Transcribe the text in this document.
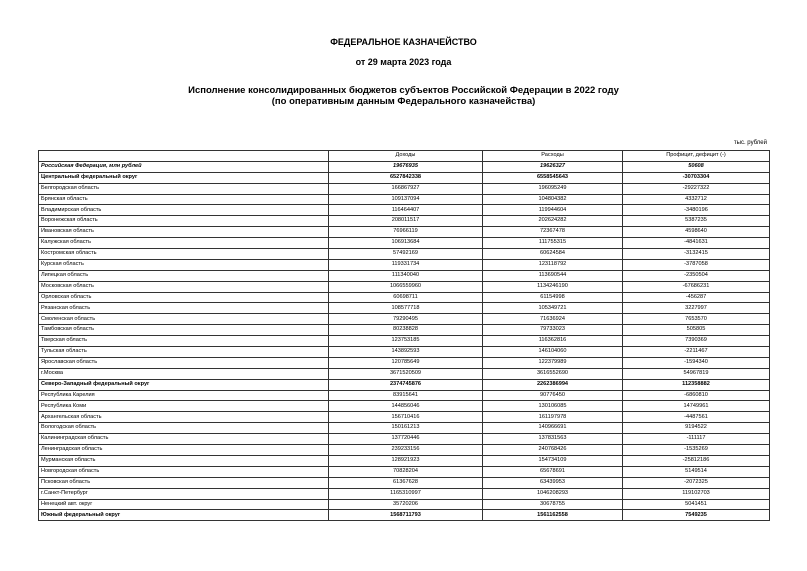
ФЕДЕРАЛЬНОЕ КАЗНАЧЕЙСТВО
от 29 марта 2023 года
Исполнение консолидированных бюджетов субъектов Российской Федерации в 2022 году
(по оперативным данным Федерального казначейства)
тыс. рублей
	Доходы	Расходы	Профицит, дефицит (-)
Российская Федерация, млн рублей	19676935	19626327	50608
Центральный федеральный округ	6527842338	6558545643	-30703304
Белгородская область	166867927	196095249	-29227322
Брянская область	109137094	104804382	4332712
Владимирская область	116464407	119944604	-3480196
Воронежская область	208011517	202624282	5387235
Ивановская область	76966119	72367478	4598640
Калужская область	106913684	111755315	-4841631
Костромская область	57492169	60624584	-3132415
Курская область	119331734	123118792	-3787058
Липецкая область	111340040	113690544	-2350504
Московская область	1066559960	1134246190	-67686231
Орловская область	60698711	61154998	-456287
Рязанская область	108577718	105349721	3227997
Смоленская область	79290495	71636924	7653570
Тамбовская область	80238828	79733023	505805
Тверская область	123753185	116362816	7390369
Тульская область	143892593	146104060	-2211467
Ярославская область	120785649	122379989	-1594340
г.Москва	3671520509	3616552690	54967819
Северо-Западный федеральный округ	2374745876	2262386994	112358882
Республика Карелия	83915641	90776450	-6860810
Республика Коми	144856046	130106085	14749961
Архангельская область	156710416	161197978	-4487561
Вологодская область	150161213	140966691	9194522
Калининградская область	137720446	137831563	-111117
Ленинградская область	239233156	240768426	-1535269
Мурманская область	128921923	154734109	-25812186
Новгородская область	70828204	65678691	5149514
Псковская область	61367628	63439953	-2072325
г.Санкт-Петербург	1165310997	1046208293	119102703
Ненецкий авт. округ	35720206	30678755	5041451
Южный федеральный округ	1568711793	1561162558	7549235
